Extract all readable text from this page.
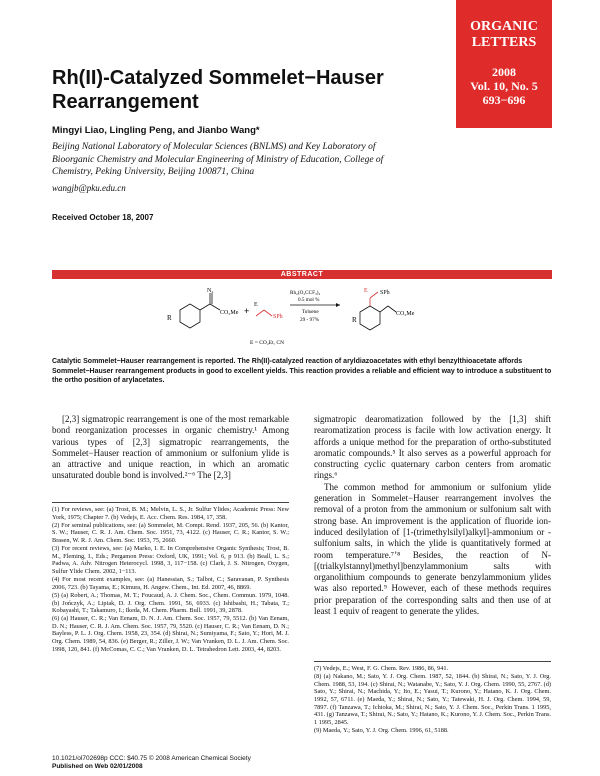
ORGANIC LETTERS
2008
Vol. 10, No. 5
693−696
Rh(II)-Catalyzed Sommelet−Hauser Rearrangement
Mingyi Liao, Lingling Peng, and Jianbo Wang*
Beijing National Laboratory of Molecular Sciences (BNLMS) and Key Laboratory of Bioorganic Chemistry and Molecular Engineering of Ministry of Education, College of Chemistry, Peking University, Beijing 100871, China
wangjb@pku.edu.cn
Received October 18, 2007
ABSTRACT
R
N₂
CO₂Me +
E
SPh
Rh₂(O₂CCF₃)₄
0.5 mol %
Toluene
29 - 97%
E = CO₂Et, CN
E SPh
R
CO₂Me
Catalytic Sommelet−Hauser rearrangement is reported. The Rh(II)-catalyzed reaction of aryldiazoacetates with ethyl benzylthioacetate affords Sommelet−Hauser rearrangement products in good to excellent yields. This reaction provides a reliable and efficient way to introduce a substituent to the ortho position of arylacetates.

[2,3] sigmatropic rearrangement is one of the most remarkable bond reorganization processes in organic chemistry.¹ Among various types of [2,3] sigmatropic rearrangements, the Sommelet−Hauser reaction of ammonium or sulfonium ylide is an attractive and unique reaction, in which an aromatic unsaturated double bond is involved.²⁻⁶ The [2,3]

sigmatropic dearomatization followed by the [1,3] shift rearomatization process is facile with low activation energy. It affords a unique method for the preparation of ortho-substituted aromatic compounds.⁵ It also serves as a powerful approach for constructing cyclic quaternary carbon centers from aromatic rings.⁶

The common method for ammonium or sulfonium ylide generation in Sommelet−Hauser rearrangement involves the removal of a proton from the ammonium or sulfonium salt with strong base. An improvement is the application of fluoride ion-induced desilylation of [1-(trimethylsilyl)alkyl]-ammonium or -sulfonium salts, in which the ylide is quantitatively formed at room temperature.⁷ʼ⁸ Besides, the reaction of N-[(trialkylstannyl)methyl]benzylammonium salts with organolithium compounds to generate benzylammonium ylides was also reported.⁹ However, each of these methods requires prior preparation of the corresponding salts and then use of at least 1 equiv of reagent to generate the ylides.

(1) For reviews, see: (a) Trost, B. M.; Melvin, L. S., Jr. Sulfur Ylides; Academic Press: New York, 1975; Chapter 7. (b) Vedejs, E. Acc. Chem. Res. 1984, 17, 358.

(2) For seminal publications, see: (a) Sommelet, M. Compt. Rend. 1937, 205, 56. (b) Kantor, S. W.; Hauser, C. R. J. Am. Chem. Soc. 1951, 73, 4122. (c) Hauser, C. R.; Kantor, S. W.; Brasen, W. R. J. Am. Chem. Soc. 1953, 75, 2660.

(3) For recent reviews, see: (a) Marko, I. E. In Comprehensive Organic Synthesis; Trost, B. M., Fleming, I., Eds.; Pergamon Press: Oxford, UK, 1991; Vol. 6, p 913. (b) Beall, L. S.; Padwa, A. Adv. Nitrogen Heterocycl. 1998, 3, 117−158. (c) Clark, J. S. Nitrogen, Oxygen, Sulfur Ylide Chem. 2002, 1−113.

(4) For most recent examples, see: (a) Hanessian, S.; Talbot, C.; Saravanan, P. Synthesis 2006, 723. (b) Tayama, E.; Kimura, H. Angew. Chem., Int. Ed. 2007, 46, 8869.

(5) (a) Robert, A.; Thomas, M. T.; Foucaud, A. J. Chem. Soc., Chem. Commun. 1979, 1048. (b) Jończyk, A.; Lipiak, D. J. Org. Chem. 1991, 56, 6933. (c) Ishibashi, H.; Tabata, T.; Kobayashi, T.; Takamuro, I.; Ikeda, M. Chem. Pharm. Bull. 1991, 39, 2878.

(6) (a) Hauser, C. R.; Van Eenam, D. N. J. Am. Chem. Soc. 1957, 79, 5512. (b) Van Eenam, D. N.; Hauser, C. R. J. Am. Chem. Soc. 1957, 79, 5520. (c) Hauser, C. R.; Van Eenam, D. N.; Bayless, P. L. J. Org. Chem. 1958, 23, 354. (d) Shirai, N.; Sumiyama, F.; Sato, Y.; Hori, M. J. Org. Chem. 1989, 54, 836. (e) Berger, R.; Ziller, J. W.; Van Vranken, D. L. J. Am. Chem. Soc. 1998, 120, 841. (f) McComas, C. C.; Van Vranken, D. L. Tetrahedron Lett. 2003, 44, 8203.

(7) Vedejs, E.; West, F. G. Chem. Rev. 1986, 86, 941.

(8) (a) Nakano, M.; Sato, Y. J. Org. Chem. 1987, 52, 1844. (b) Shirai, N.; Sato, Y. J. Org. Chem. 1988, 53, 194. (c) Shirai, N.; Watanabe, Y.; Sato, Y. J. Org. Chem. 1990, 55, 2767. (d) Sato, Y.; Shirai, N.; Machida, Y.; Ito, E.; Yasui, T.; Kurono, Y.; Hatano, K. J. Org. Chem. 1992, 57, 6711. (e) Maeda, Y.; Shirai, N.; Sato, Y.; Tatewaki, H. J. Org. Chem. 1994, 59, 7897. (f) Tanzawa, T.; Ichioka, M.; Shirai, N.; Sato, Y. J. Chem. Soc., Perkin Trans. 1 1995, 431. (g) Tanzawa, T.; Shirai, N.; Sato, Y.; Hatano, K.; Kurono, Y. J. Chem. Soc., Perkin Trans. 1 1995, 2845.

(9) Maeda, Y.; Sato, Y. J. Org. Chem. 1996, 61, 5188.

10.1021/ol702698p CCC: $40.75 © 2008 American Chemical Society
Published on Web 02/01/2008
